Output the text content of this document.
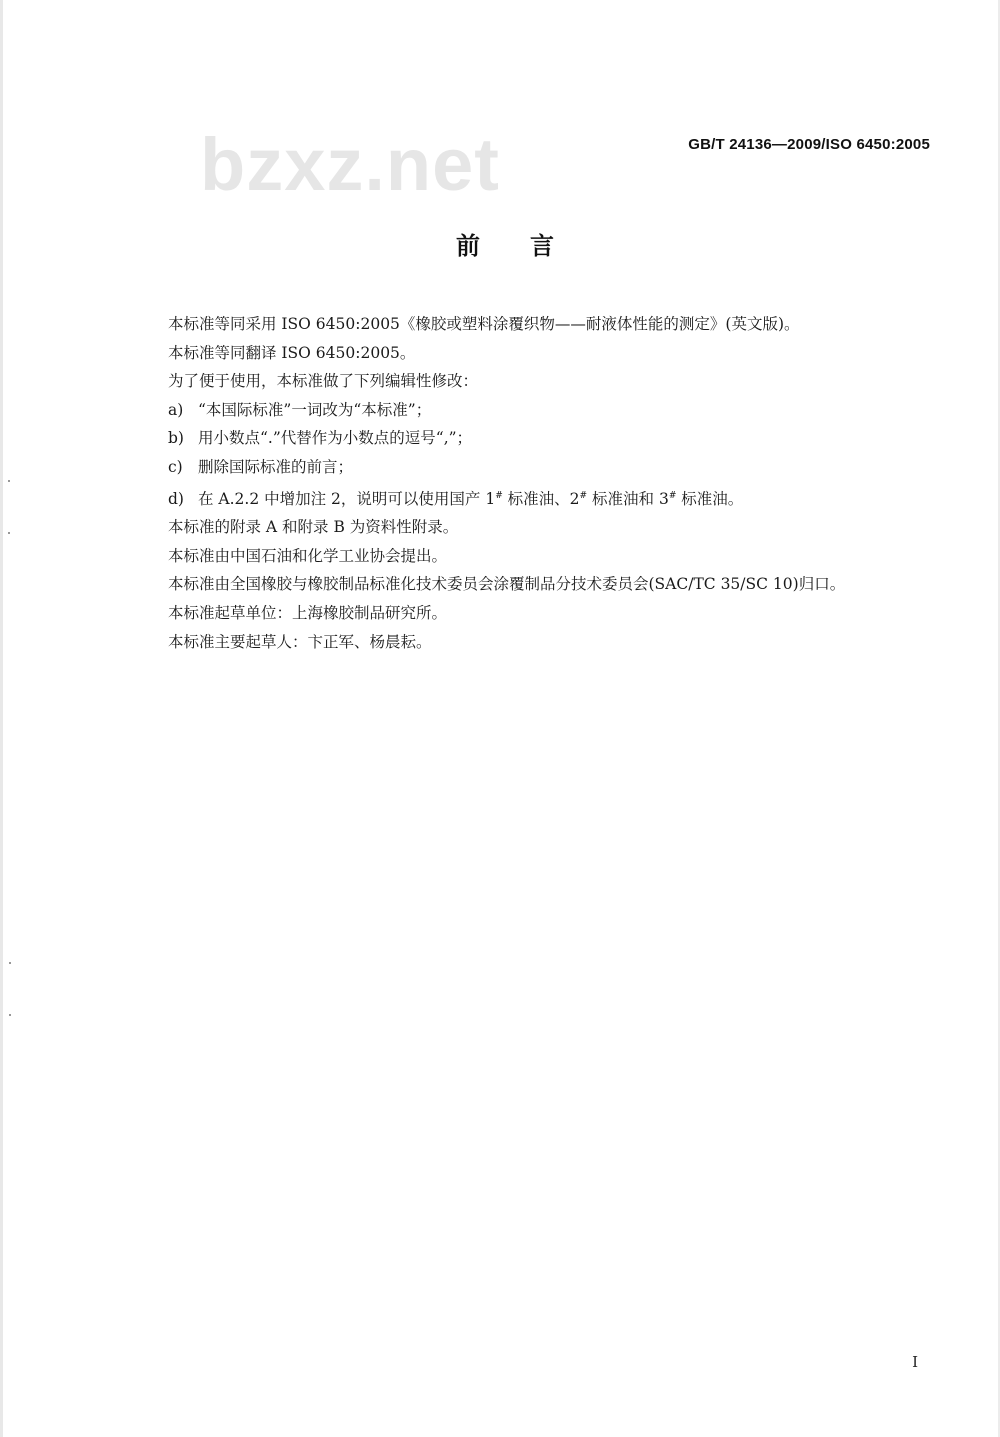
bzxz.net	GB/T 24136—2009/ISO 6450:2005
前言

本标准等同采用 ISO 6450:2005《橡胶或塑料涂覆织物——耐液体性能的测定》(英文版)。

本标准等同翻译 ISO 6450:2005。

为了便于使用，本标准做了下列编辑性修改：

a) “本国际标准”一词改为“本标准”；

b) 用小数点“.”代替作为小数点的逗号“,”；

c) 删除国际标准的前言；

d) 在 A.2.2 中增加注 2，说明可以使用国产 1# 标准油、2# 标准油和 3# 标准油。

本标准的附录 A 和附录 B 为资料性附录。

本标准由中国石油和化学工业协会提出。

本标准由全国橡胶与橡胶制品标准化技术委员会涂覆制品分技术委员会(SAC/TC 35/SC 10)归口。

本标准起草单位：上海橡胶制品研究所。

本标准主要起草人：卞正军、杨晨耘。

I
